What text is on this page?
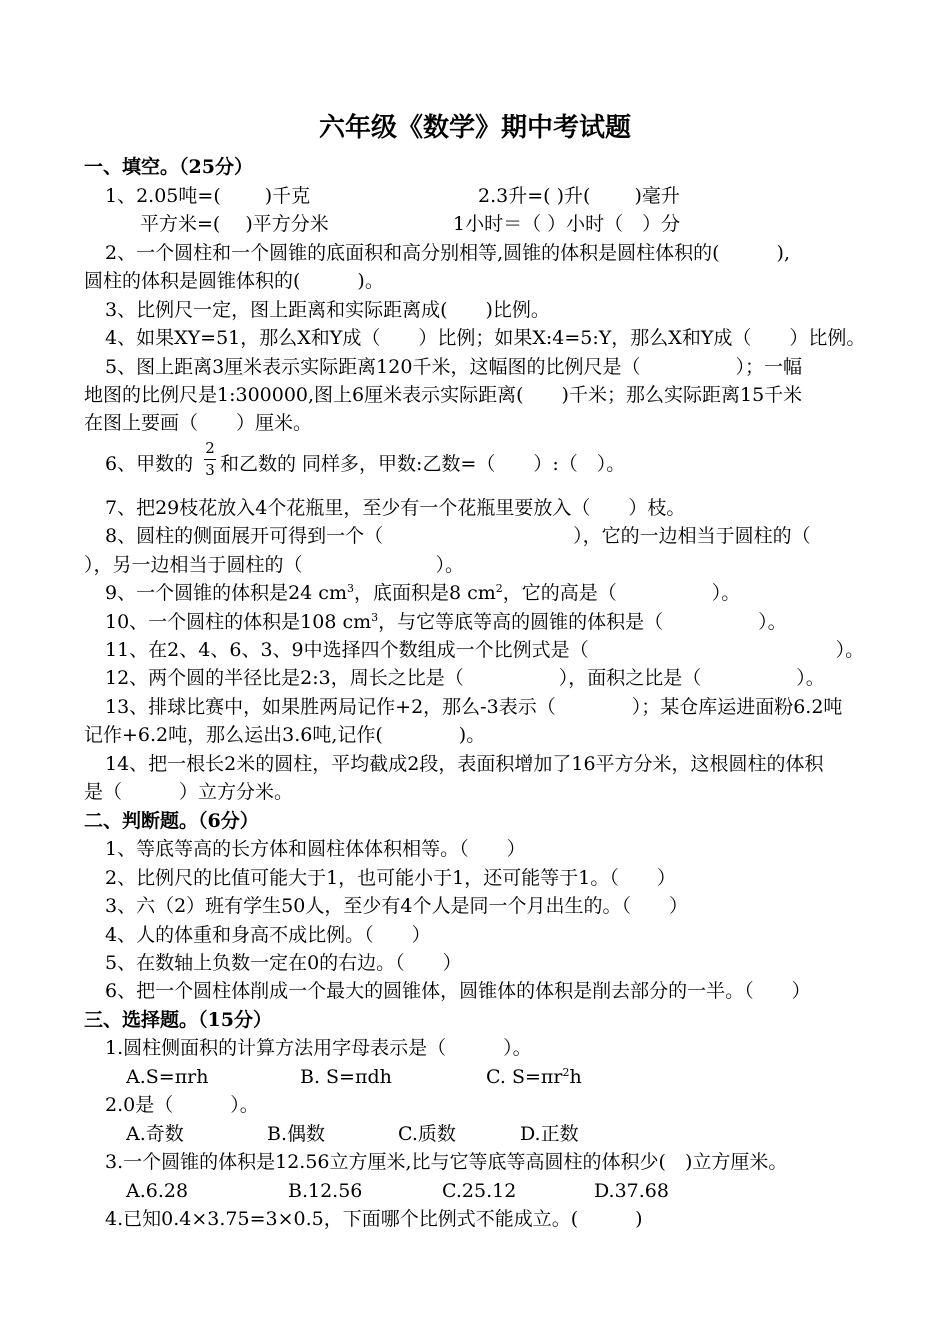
六年级《数学》期中考试题
一、填空。（25分）
1、2.05吨=(　　 )千克	2.3升=( )升(　　 )毫升
平方米=(　 )平方分米	1小时＝（ ）小时（　）分
2、一个圆柱和一个圆锥的底面积和高分别相等,圆锥的体积是圆柱体积的(　　　),
圆柱的体积是圆锥体积的(　　　)。
3、比例尺一定，图上距离和实际距离成(　　)比例。
4、如果XY=51，那么X和Y成（　　）比例；如果X:4=5:Y，那么X和Y成（　　）比例。
5、图上距离3厘米表示实际距离120千米，这幅图的比例尺是（　　　　　）；一幅
地图的比例尺是1:300000,图上6厘米表示实际距离(　　)千米；那么实际距离15千米
在图上要画（　　）厘米。
6、甲数的
2
3 和乙数的 同样多，甲数:乙数=（　　）:（　）。
7、把29枝花放入4个花瓶里，至少有一个花瓶里要放入（　　）枝。
8、圆柱的侧面展开可得到一个（　　　　　　　　　　），它的一边相当于圆柱的（
），另一边相当于圆柱的（　　　　　　　）。
9、一个圆锥的体积是24 $cm^3$，底面积是8 $cm^2$，它的高是（　　　　　）。
10、一个圆柱的体积是108 $cm^3$，与它等底等高的圆锥的体积是（　　　　　）。
11、在2、4、6、3、9中选择四个数组成一个比例式是（　　　　　　　　　　　　　）。
12、两个圆的半径比是2:3，周长之比是（　　　　　），面积之比是（　　　　　）。
13、排球比赛中，如果胜两局记作+2，那么-3表示（　　　　）；某仓库运进面粉6.2吨
记作+6.2吨，那么运出3.6吨,记作(　　　　)。
14、把一根长2米的圆柱，平均截成2段，表面积增加了16平方分米，这根圆柱的体积
是（　　　）立方分米。
二、判断题。（6分）
1、等底等高的长方体和圆柱体体积相等。（　　）
2、比例尺的比值可能大于1，也可能小于1，还可能等于1。（　　）
3、六（2）班有学生50人，至少有4个人是同一个月出生的。（　　）
4、人的体重和身高不成比例。（　　）
5、在数轴上负数一定在0的右边。（　　）
6、把一个圆柱体削成一个最大的圆锥体，圆锥体的体积是削去部分的一半。（　　）
三、选择题。（15分）
1.圆柱侧面积的计算方法用字母表示是（　　　）。
A.S=πrh	B. S=πdh	C. $S=\pi r^2h$
2.0是（　　　）。
A.奇数	B.偶数	C.质数	D.正数
3.一个圆锥的体积是12.56立方厘米,比与它等底等高圆柱的体积少(　)立方厘米。
A.6.28	B.12.56	C.25.12	D.37.68
4.已知0.4×3.75=3×0.5，下面哪个比例式不能成立。(　　　)
